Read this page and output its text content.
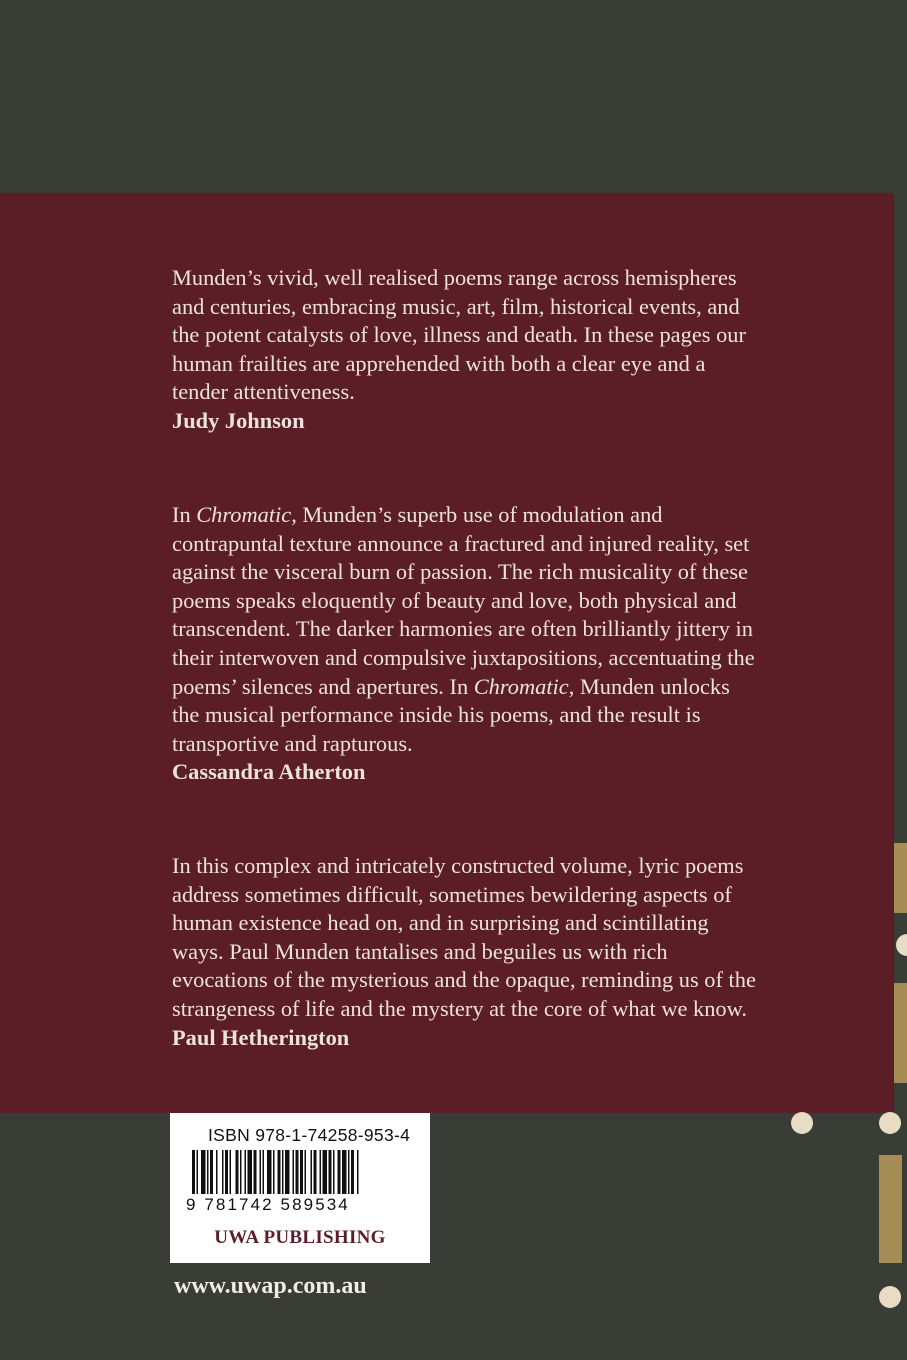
Munden’s vivid, well realised poems range across hemispheres and centuries, embracing music, art, film, historical events, and the potent catalysts of love, illness and death. In these pages our human frailties are apprehended with both a clear eye and a tender attentiveness.

Judy Johnson

In Chromatic, Munden’s superb use of modulation and contrapuntal texture announce a fractured and injured reality, set against the visceral burn of passion. The rich musicality of these poems speaks eloquently of beauty and love, both physical and transcendent. The darker harmonies are often brilliantly jittery in their interwoven and compulsive juxtapositions, accentuating the poems’ silences and apertures. In Chromatic, Munden unlocks the musical performance inside his poems, and the result is transportive and rapturous.

Cassandra Atherton

In this complex and intricately constructed volume, lyric poems address sometimes difficult, sometimes bewildering aspects of human existence head on, and in surprising and scintillating ways. Paul Munden tantalises and beguiles us with rich evocations of the mysterious and the opaque, reminding us of the strangeness of life and the mystery at the core of what we know.

Paul Hetherington

ISBN 978-1-74258-953-4
9 781742 589534
UWA PUBLISHING
www.uwap.com.au
